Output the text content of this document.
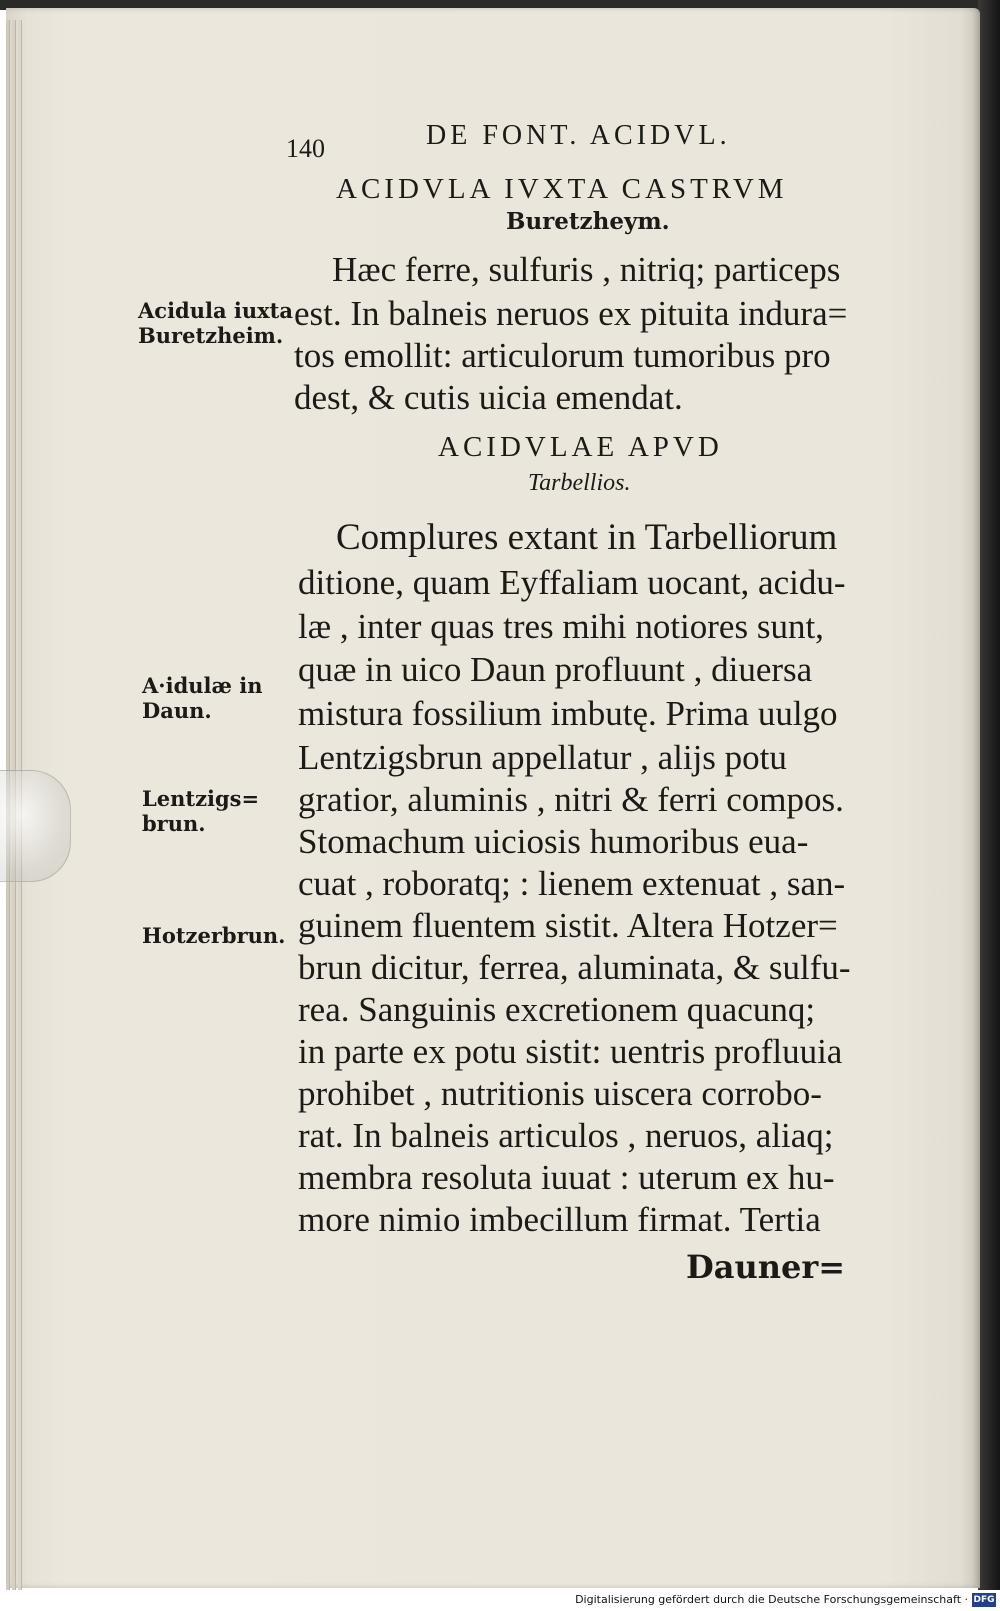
140	DE FONT. ACIDVL.
ACIDVLA IVXTA CASTRVM
Buretzheym.
Hæc ferre, sulfuris , nitriq; particeps
est. In balneis neruos ex pituita indura=
tos emollit: articulorum tumoribus pro
dest, & cutis uicia emendat.
ACIDVLAE APVD
Tarbellios.
Complures extant in Tarbelliorum
ditione, quam Eyffaliam uocant, acidu-
læ , inter quas tres mihi notiores sunt,
quæ in uico Daun profluunt , diuersa
mistura fossilium imbutę. Prima uulgo
Lentzigsbrun appellatur , alijs potu
gratior, aluminis , nitri & ferri compos.
Stomachum uiciosis humoribus eua-
cuat , roboratq; : lienem extenuat , san-
guinem fluentem sistit. Altera Hotzer=
brun dicitur, ferrea, aluminata, & sulfu-
rea. Sanguinis excretionem quacunq;
in parte ex potu sistit: uentris profluuia
prohibet , nutritionis uiscera corrobo-
rat. In balneis articulos , neruos, aliaq;
membra resoluta iuuat : uterum ex hu-
more nimio imbecillum firmat. Tertia
Dauner=
Acidula iuxta
Buretzheim.
A·idulæ in
Daun.
Lentzigs=
brun.
Hotzerbrun.
Digitalisierung gefördert durch die Deutsche Forschungsgemeinschaft · DFG
